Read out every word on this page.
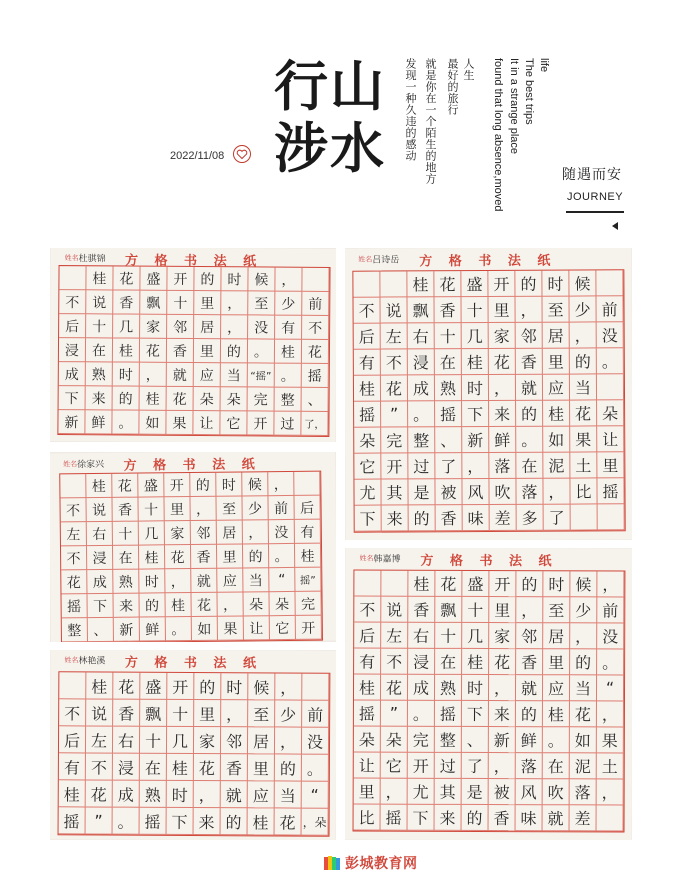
行 山
涉 水
2022/11/08
人生
最好的旅行
就是你在一个陌生的地方
发现一种久违的感动	life
The best trips
It in a strange place
found that long absence,moved	随遇而安
JOURNEY
方 格 书 法 纸
姓名 杜骐锦
桂 花 盛 开 的 时 候 ，
不 说 香 飘 十 里 ， 至 少 前
后 十 几 家 邻 居 ， 没 有 不
浸 在 桂 花 香 里 的 。 桂 花
成 熟 时 ， 就 应 当 “摇” 。 摇
下 来 的 桂 花 朵 朵 完 整 、
新 鲜 。 如 果 让 它 开 过 了，
方 格 书 法 纸
姓名 吕诗岳
桂 花 盛 开 的 时 候
不 说 飘 香 十 里 ， 至 少 前
后 左 右 十 几 家 邻 居 ， 没
有 不 浸 在 桂 花 香 里 的 。
桂 花 成 熟 时 ， 就 应 当
摇 ” 。 摇 下 来 的 桂 花 朵
朵 完 整 、 新 鲜 。 如 果 让
它 开 过 了 ， 落 在 泥 土 里
尤 其 是 被 风 吹 落 ， 比 摇
下 来 的 香 味 差 多 了
方 格 书 法 纸
姓名 徐家兴
桂 花 盛 开 的 时 候 ，
不 说 香 十 里 ， 至 少 前 后
左 右 十 几 家 邻 居 ， 没 有
不 浸 在 桂 花 香 里 的 。 桂
花 成 熟 时 ， 就 应 当	“	摇”
摇 下 来 的 桂 花 ， 朵 朵 完
整 、 新 鲜 。 如 果 让 它 开
方 格 书 法 纸
姓名 林艳溪
桂 花 盛 开 的 时 候 ，
不 说 香 飘 十 里 ， 至 少 前
后 左 右 十 几 家 邻 居 ， 没
有 不 浸 在 桂 花 香 里 的 。
桂 花 成 熟 时 ， 就 应 当 “
摇 ” 。 摇 下 来 的 桂 花 ，朵
方 格 书 法 纸
姓名 韩嘉博
桂 花 盛 开 的 时 候 ，
不 说 香 飘 十 里 ， 至 少 前
后 左 右 十 几 家 邻 居 ， 没
有 不 浸 在 桂 花 香 里 的 。
桂 花 成 熟 时 ， 就 应 当 “
摇 ” 。 摇 下 来 的 桂 花 ，
朵 朵 完 整 、 新 鲜 。 如 果
让 它 开 过 了 ， 落 在 泥 土
里 ， 尤 其 是 被 风 吹 落 ，
比 摇 下 来 的 香 味 就 差
彭城教育网
